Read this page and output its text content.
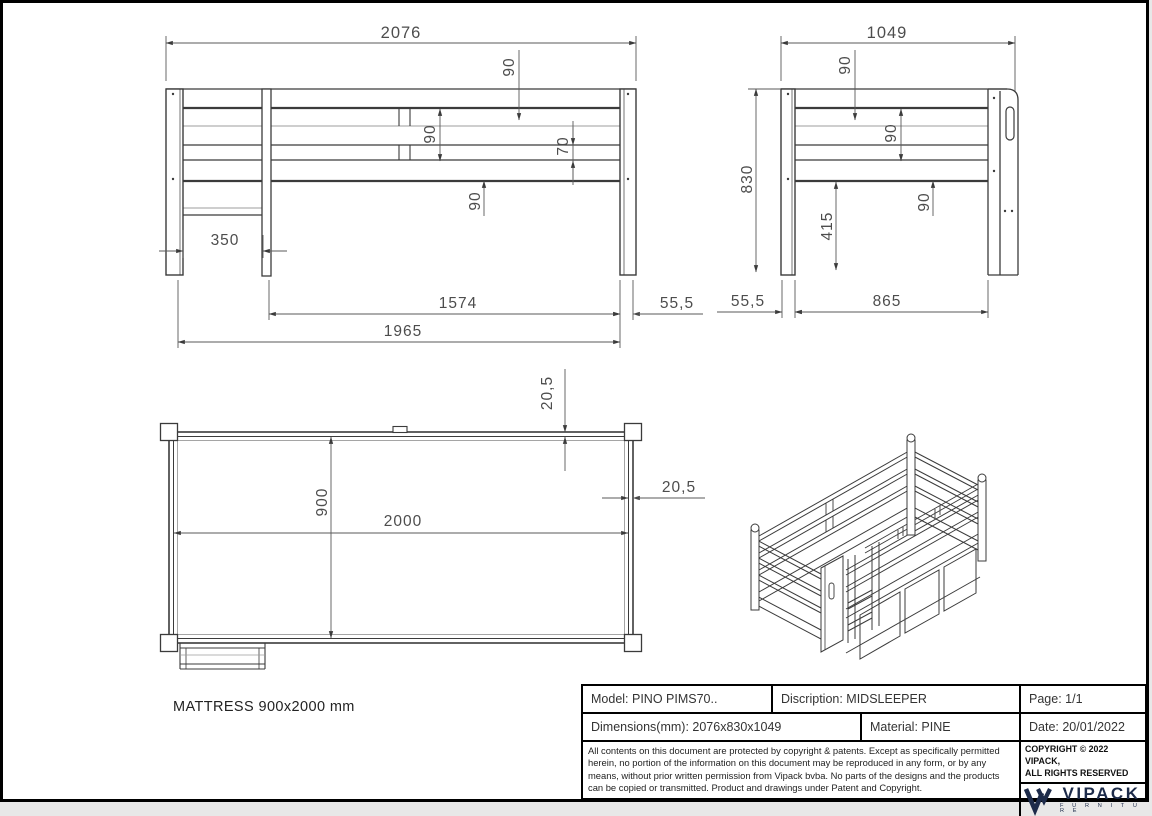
2076
90
90
70
90
350
1574	55,5
1965
1049
90
90
90
830
415
55,5	865
20,5
900
2000
20,5
MATTRESS 900x2000 mm	Model: PINO PIMS70..	Discription: MIDSLEEPER	Page: 1/1
Dimensions(mm): 2076x830x1049	Material: PINE	Date: 20/01/2022
All contents on this document are protected by copyright & patents. Except as specifically permitted herein, no portion of the information on this document may be reproduced in any form, or by any means, without prior written permission from Vipack bvba. No parts of the designs and the products can be copied or transmitted. Product and drawings under Patent and Copyright.
COPYRIGHT © 2022 VIPACK,
ALL RIGHTS RESERVED
VIPACK
F U R N I T U R E
